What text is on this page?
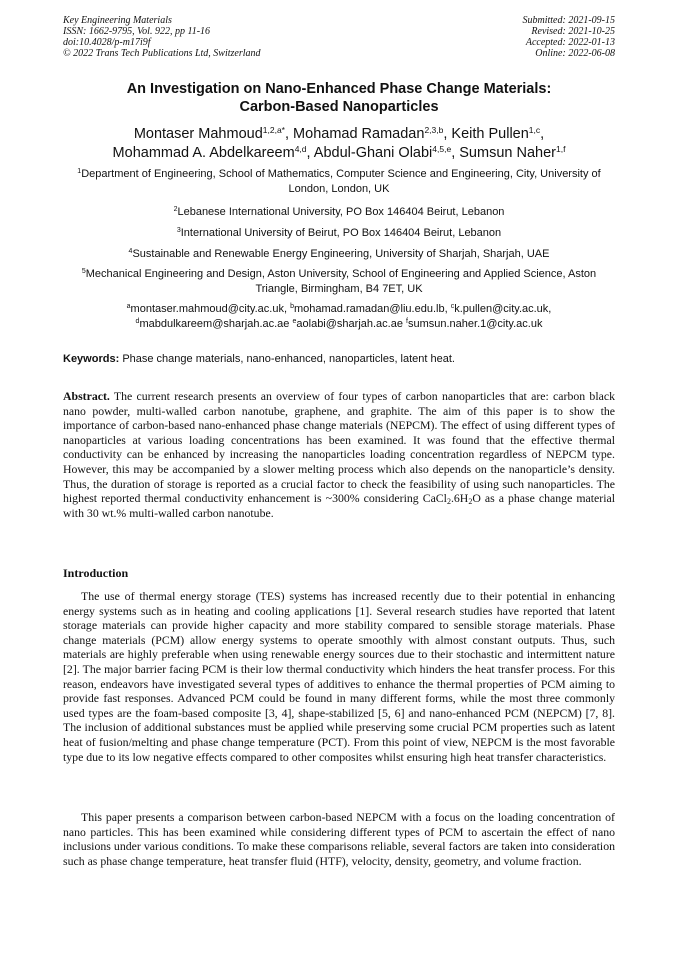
Key Engineering Materials
ISSN: 1662-9795, Vol. 922, pp 11-16
doi:10.4028/p-m17i9f
© 2022 Trans Tech Publications Ltd, Switzerland
Submitted: 2021-09-15
Revised: 2021-10-25
Accepted: 2022-01-13
Online: 2022-06-08
An Investigation on Nano-Enhanced Phase Change Materials:
Carbon-Based Nanoparticles
Montaser Mahmoud$^{1,2,a*}$, Mohamad Ramadan$^{2,3,b}$, Keith Pullen$^{1,c}$,
Mohammad A. Abdelkareem$^{4,d}$, Abdul-Ghani Olabi$^{4,5,e}$, Sumsun Naher$^{1,f}$
$^1$Department of Engineering, School of Mathematics, Computer Science and Engineering, City, University of London, London, UK
$^2$Lebanese International University, PO Box 146404 Beirut, Lebanon
$^3$International University of Beirut, PO Box 146404 Beirut, Lebanon
$^4$Sustainable and Renewable Energy Engineering, University of Sharjah, Sharjah, UAE
$^5$Mechanical Engineering and Design, Aston University, School of Engineering and Applied Science, Aston Triangle, Birmingham, B4 7ET, UK
$^a$montaser.mahmoud@city.ac.uk, $^b$mohamad.ramadan@liu.edu.lb, $^c$k.pullen@city.ac.uk,
$^d$mabdulkareem@sharjah.ac.ae $^e$aolabi@sharjah.ac.ae $^f$sumsun.naher.1@city.ac.uk
Keywords: Phase change materials, nano-enhanced, nanoparticles, latent heat.
Abstract. The current research presents an overview of four types of carbon nanoparticles that are: carbon black nano powder, multi-walled carbon nanotube, graphene, and graphite. The aim of this paper is to show the importance of carbon-based nano-enhanced phase change materials (NEPCM). The effect of using different types of nanoparticles at various loading concentrations has been examined. It was found that the effective thermal conductivity can be enhanced by increasing the nanoparticles loading concentration regardless of NEPCM type. However, this may be accompanied by a slower melting process which also depends on the nanoparticle’s density. Thus, the duration of storage is reported as a crucial factor to check the feasibility of using such nanoparticles. The highest reported thermal conductivity enhancement is ~300% considering $CaCl_2.6H_2O$ as a phase change material with 30 wt.% multi-walled carbon nanotube.
Introduction

The use of thermal energy storage (TES) systems has increased recently due to their potential in enhancing energy systems such as in heating and cooling applications [1]. Several research studies have reported that latent storage materials can provide higher capacity and more stability compared to sensible storage materials. Phase change materials (PCM) allow energy systems to operate smoothly with almost constant outputs. Thus, such materials are highly preferable when using renewable energy sources due to their stochastic and intermittent nature [2]. The major barrier facing PCM is their low thermal conductivity which hinders the heat transfer process. For this reason, endeavors have investigated several types of additives to enhance the thermal properties of PCM aiming to provide fast responses. Advanced PCM could be found in many different forms, while the most three commonly used types are the foam-based composite [3, 4], shape-stabilized [5, 6] and nano-enhanced PCM (NEPCM) [7, 8]. The inclusion of additional substances must be applied while preserving some crucial PCM properties such as latent heat of fusion/melting and phase change temperature (PCT). From this point of view, NEPCM is the most favorable type due to its low negative effects compared to other composites whilst ensuring high heat transfer characteristics.

This paper presents a comparison between carbon-based NEPCM with a focus on the loading concentration of nano particles. This has been examined while considering different types of PCM to ascertain the effect of nano inclusions under various conditions. To make these comparisons reliable, several factors are taken into consideration such as phase change temperature, heat transfer fluid (HTF), velocity, density, geometry, and volume fraction.
